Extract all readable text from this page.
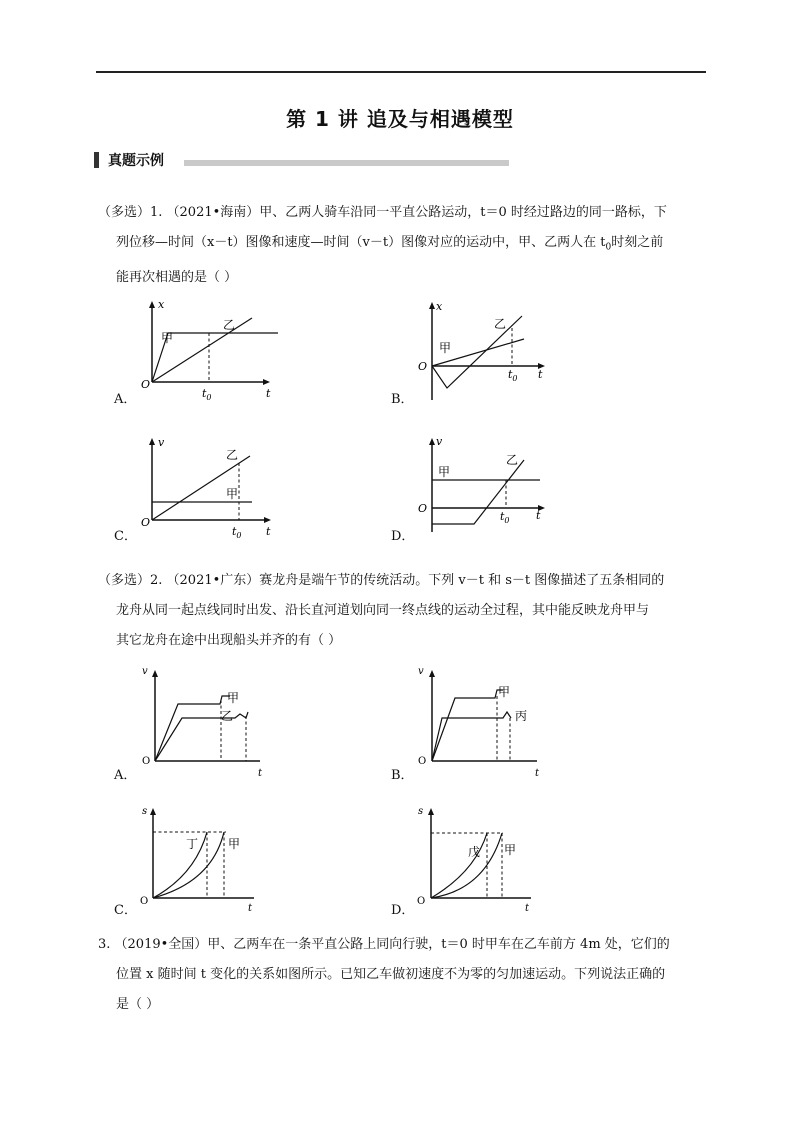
第 1 讲 追及与相遇模型
真题示例
（多选）1. （2021•海南）甲、乙两人骑车沿同一平直公路运动，t＝0 时经过路边的同一路标，下
列位移—时间（x－t）图像和速度—时间（v－t）图像对应的运动中，甲、乙两人在 $t_0$时刻之前
能再次相遇的是（ ）
A．
x
t
O
甲
乙
$t_0$	B．
x
t
O
甲
乙
$t_0$
C．
v
t
O
甲
乙
$t_0$	D．
v
t
O
甲
乙
$t_0$
（多选）2. （2021•广东）赛龙舟是端午节的传统活动。下列 v－t 和 s－t 图像描述了五条相同的
龙舟从同一起点线同时出发、沿长直河道划向同一终点线的运动全过程，其中能反映龙舟甲与
其它龙舟在途中出现船头并齐的有（ ）
A．
v
t
O
甲
乙
B．
v
t
O
甲
丙
C．
s
t
O
丁 甲
D．
s
t
O
戊 甲
3. （2019•全国）甲、乙两车在一条平直公路上同向行驶，t＝0 时甲车在乙车前方 4m 处，它们的
位置 x 随时间 t 变化的关系如图所示。已知乙车做初速度不为零的匀加速运动。下列说法正确的
是（ ）
